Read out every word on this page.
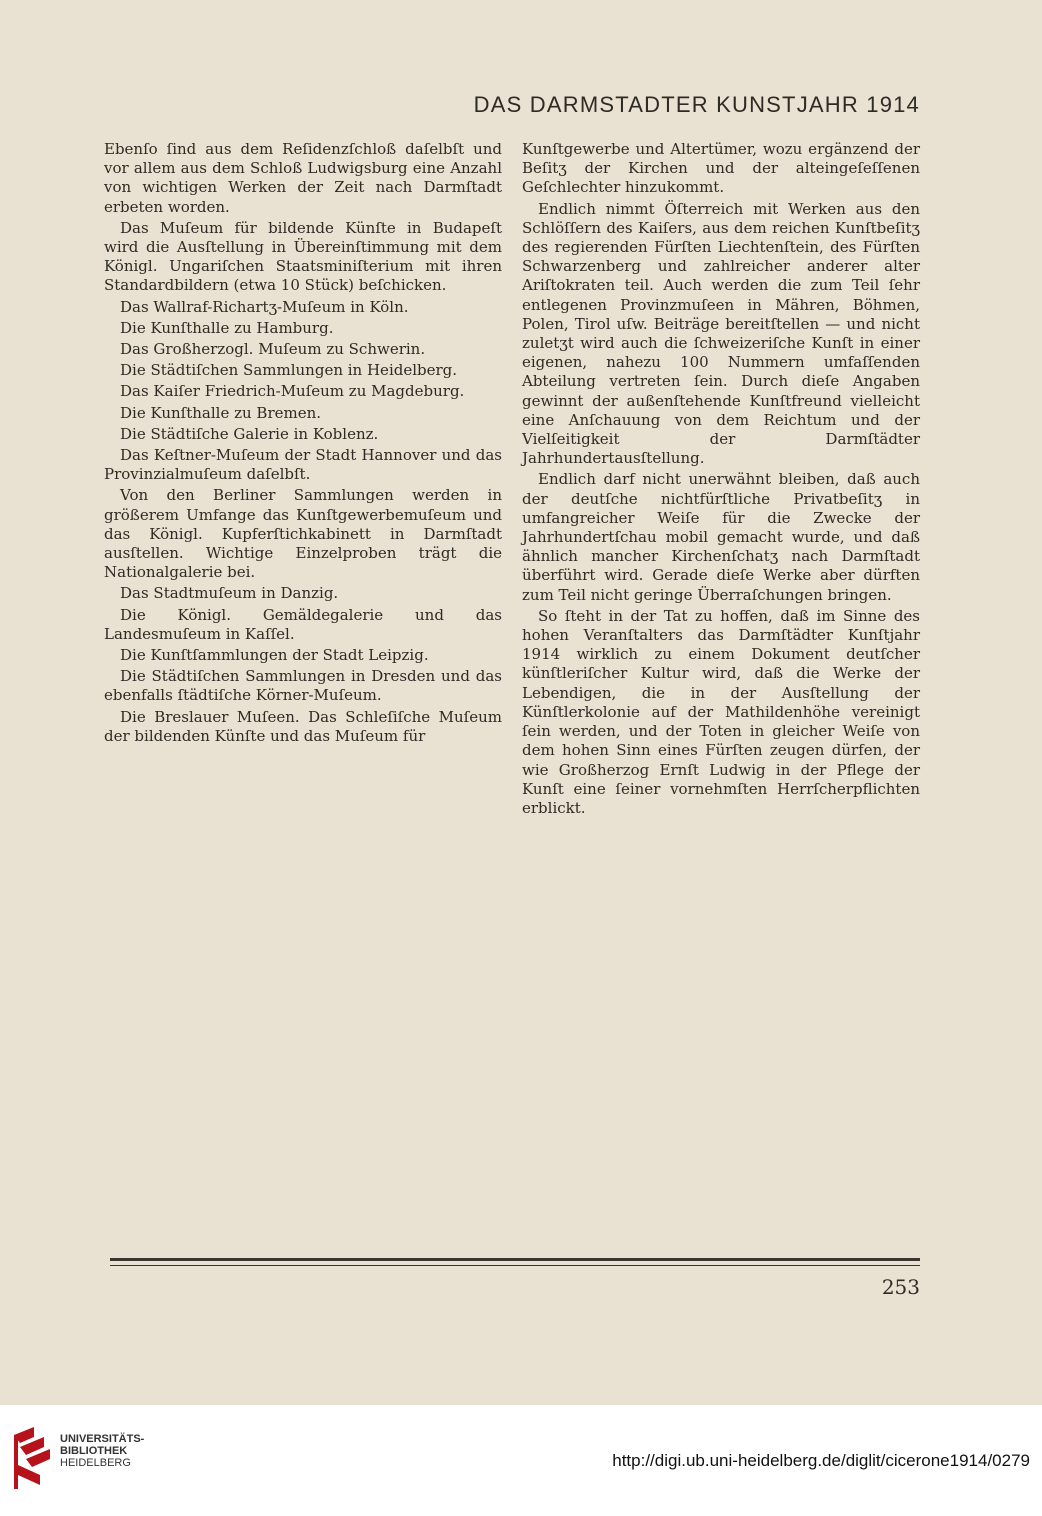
DAS DARMSTADTER KUNSTJAHR 1914

Ebenſo ſind aus dem Reſidenzſchloß daſelbſt und vor allem aus dem Schloß Ludwigsburg eine Anzahl von wichtigen Werken der Zeit nach Darmſtadt erbeten worden.

Das Muſeum für bildende Künſte in Budapeſt wird die Ausſtellung in Übereinſtimmung mit dem Königl. Ungariſchen Staatsminiſterium mit ihren Standardbildern (etwa 10 Stück) beſchicken.

Das Wallraf-Richartʒ-Muſeum in Köln.

Die Kunſthalle zu Hamburg.

Das Großherzogl. Muſeum zu Schwerin.

Die Städtiſchen Sammlungen in Heidelberg.

Das Kaiſer Friedrich-Muſeum zu Magdeburg.

Die Kunſthalle zu Bremen.

Die Städtiſche Galerie in Koblenz.

Das Keſtner-Muſeum der Stadt Hannover und das Provinzialmuſeum daſelbſt.

Von den Berliner Sammlungen werden in größerem Umfange das Kunſtgewerbemuſeum und das Königl. Kupferſtichkabinett in Darmſtadt ausſtellen. Wichtige Einzelproben trägt die Nationalgalerie bei.

Das Stadtmuſeum in Danzig.

Die Königl. Gemäldegalerie und das Landesmuſeum in Kaſſel.

Die Kunſtſammlungen der Stadt Leipzig.

Die Städtiſchen Sammlungen in Dresden und das ebenfalls ſtädtiſche Körner-Muſeum.

Die Breslauer Muſeen. Das Schleſiſche Muſeum der bildenden Künſte und das Muſeum für

Kunſtgewerbe und Altertümer, wozu ergänzend der Beſitʒ der Kirchen und der alteingeſeſſenen Geſchlechter hinzukommt.

Endlich nimmt Öſterreich mit Werken aus den Schlöſſern des Kaiſers, aus dem reichen Kunſtbeſitʒ des regierenden Fürſten Liechtenſtein, des Fürſten Schwarzenberg und zahlreicher anderer alter Ariſtokraten teil. Auch werden die zum Teil ſehr entlegenen Provinzmuſeen in Mähren, Böhmen, Polen, Tirol uſw. Beiträge bereitſtellen — und nicht zuletʒt wird auch die ſchweizeriſche Kunſt in einer eigenen, nahezu 100 Nummern umfaſſenden Abteilung vertreten ſein. Durch dieſe Angaben gewinnt der außenſtehende Kunſtfreund vielleicht eine Anſchauung von dem Reichtum und der Vielſeitigkeit der Darmſtädter Jahrhundertausſtellung.

Endlich darf nicht unerwähnt bleiben, daß auch der deutſche nichtfürſtliche Privatbeſitʒ in umfangreicher Weiſe für die Zwecke der Jahrhundertſchau mobil gemacht wurde, und daß ähnlich mancher Kirchenſchatʒ nach Darmſtadt überführt wird. Gerade dieſe Werke aber dürften zum Teil nicht geringe Überraſchungen bringen.

So ſteht in der Tat zu hoffen, daß im Sinne des hohen Veranſtalters das Darmſtädter Kunſtjahr 1914 wirklich zu einem Dokument deutſcher künſtleriſcher Kultur wird, daß die Werke der Lebendigen, die in der Ausſtellung der Künſtlerkolonie auf der Mathildenhöhe vereinigt ſein werden, und der Toten in gleicher Weiſe von dem hohen Sinn eines Fürſten zeugen dürfen, der wie Großherzog Ernſt Ludwig in der Pflege der Kunſt eine ſeiner vornehmſten Herrſcherpflichten erblickt.

253
UNIVERSITÄTS-
BIBLIOTHEK
HEIDELBERG	http://digi.ub.uni-heidelberg.de/diglit/cicerone1914/0279
